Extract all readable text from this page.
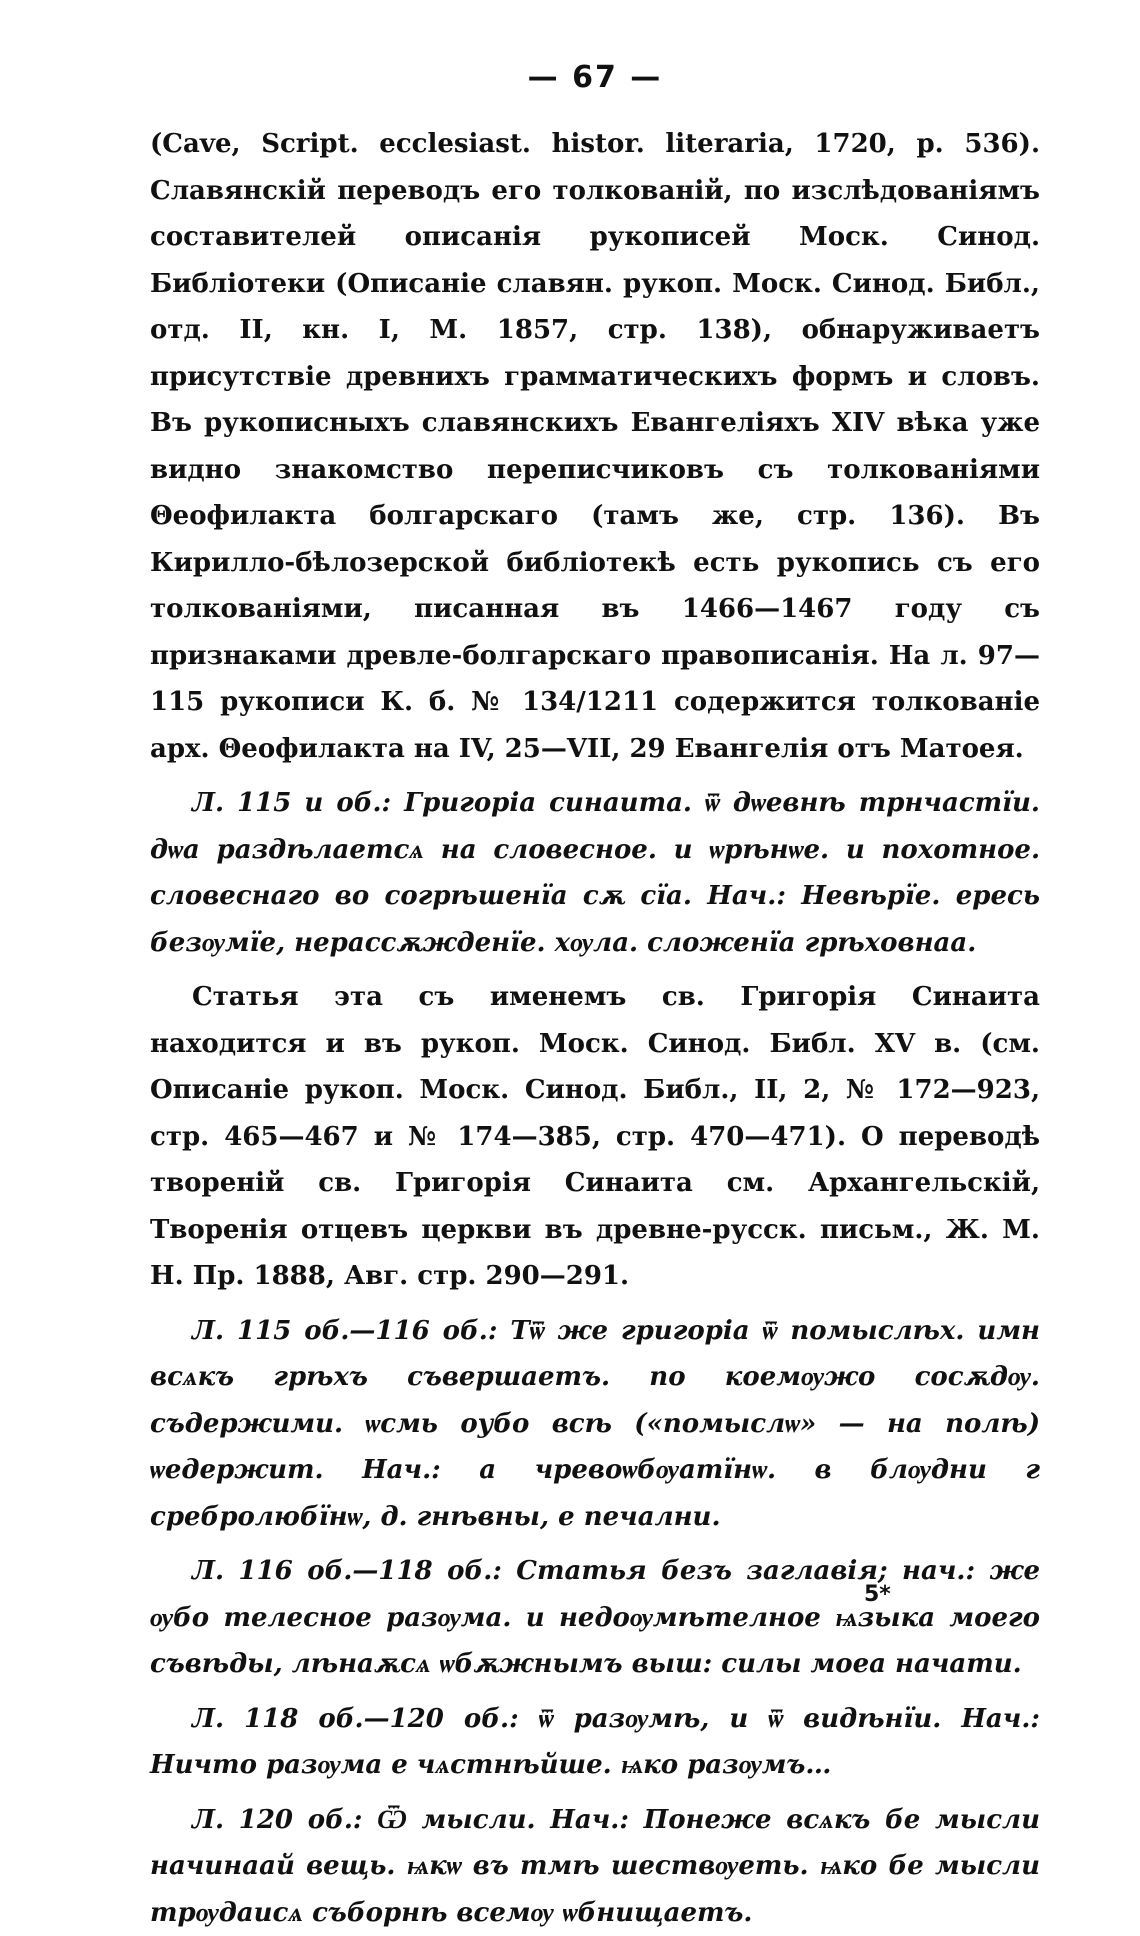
— 67 —

(Cave, Script. ecclesiast. histor. literaria, 1720, p. 536). Славянскій переводъ его толкованій, по изслѣдованіямъ составителей описанія рукописей Моск. Синод. Библіотеки (Описаніе славян. рукоп. Моск. Синод. Библ., отд. II, кн. I, М. 1857, стр. 138), обнаруживаетъ присутствіе древнихъ грамматическихъ формъ и словъ. Въ рукописныхъ славянскихъ Евангеліяхъ XIV вѣка уже видно знакомство переписчиковъ съ толкованіями Θеофилакта болгарскаго (тамъ же, стр. 136). Въ Кирилло-бѣлозерской библіотекѣ есть рукопись съ его толкованіями, писанная въ 1466—1467 году съ признаками древле-болгарскаго правописанія. На л. 97—115 рукописи К. б. № 134/1211 содержится толкованіе арх. Θеофилакта на IV, 25—VII, 29 Евангелія отъ Матоея.

Л. 115 и об.: Григоріа синаита. ѿ дѡевнѣ трнчастїи. дѡа раздѣлаетсѧ на словесное. и ѡрѣнѡе. и похотное. словеснаго во согрѣшенїа сѫ сїа. Нач.: Невѣрїе. ересь безѹмїе, нерассѫжденїе. хѹла. сложенїа грѣховнаа.

Статья эта съ именемъ св. Григорія Синаита находится и въ рукоп. Моск. Синод. Библ. XV в. (см. Описаніе рукоп. Моск. Синод. Библ., II, 2, № 172—923, стр. 465—467 и № 174—385, стр. 470—471). О переводѣ твореній св. Григорія Синаита см. Архангельскій, Творенія отцевъ церкви въ древне-русск. письм., Ж. М. Н. Пр. 1888, Авг. стр. 290—291.

Л. 115 об.—116 об.: Тѿ же григоріа ѿ помыслѣх. имн всѧкъ грѣхъ съвершаетъ. по коемѹжо сосѫдѹ. съдержими. ѡсмь оубо всѣ («помыслѡ» — на полѣ) ѡедержит. Нач.: а чревоѡбѹатїнѡ. в блѹдни г сребролюбїнѡ, д. гнѣвны, е печални.

Л. 116 об.—118 об.: Статья безъ заглавія; нач.: же ѹбо телесное разѹма. и недоѹмѣтелное ѩзыка моего съвѣды, лѣнаѫсѧ ѡбѫжнымъ выш: силы моеа начати.

Л. 118 об.—120 об.: ѿ разѹмѣ, и ѿ видѣнїи. Нач.: Ничто разѹма е чѧстнѣйше. ѩко разѹмъ…

Л. 120 об.: Ѿ мысли. Нач.: Понеже всѧкъ бе мысли начинаай вещь. ѩкѡ въ тмѣ шествѹеть. ѩко бе мысли трѹдаисѧ съборнѣ всемѹ ѡбнищаетъ.

5*
